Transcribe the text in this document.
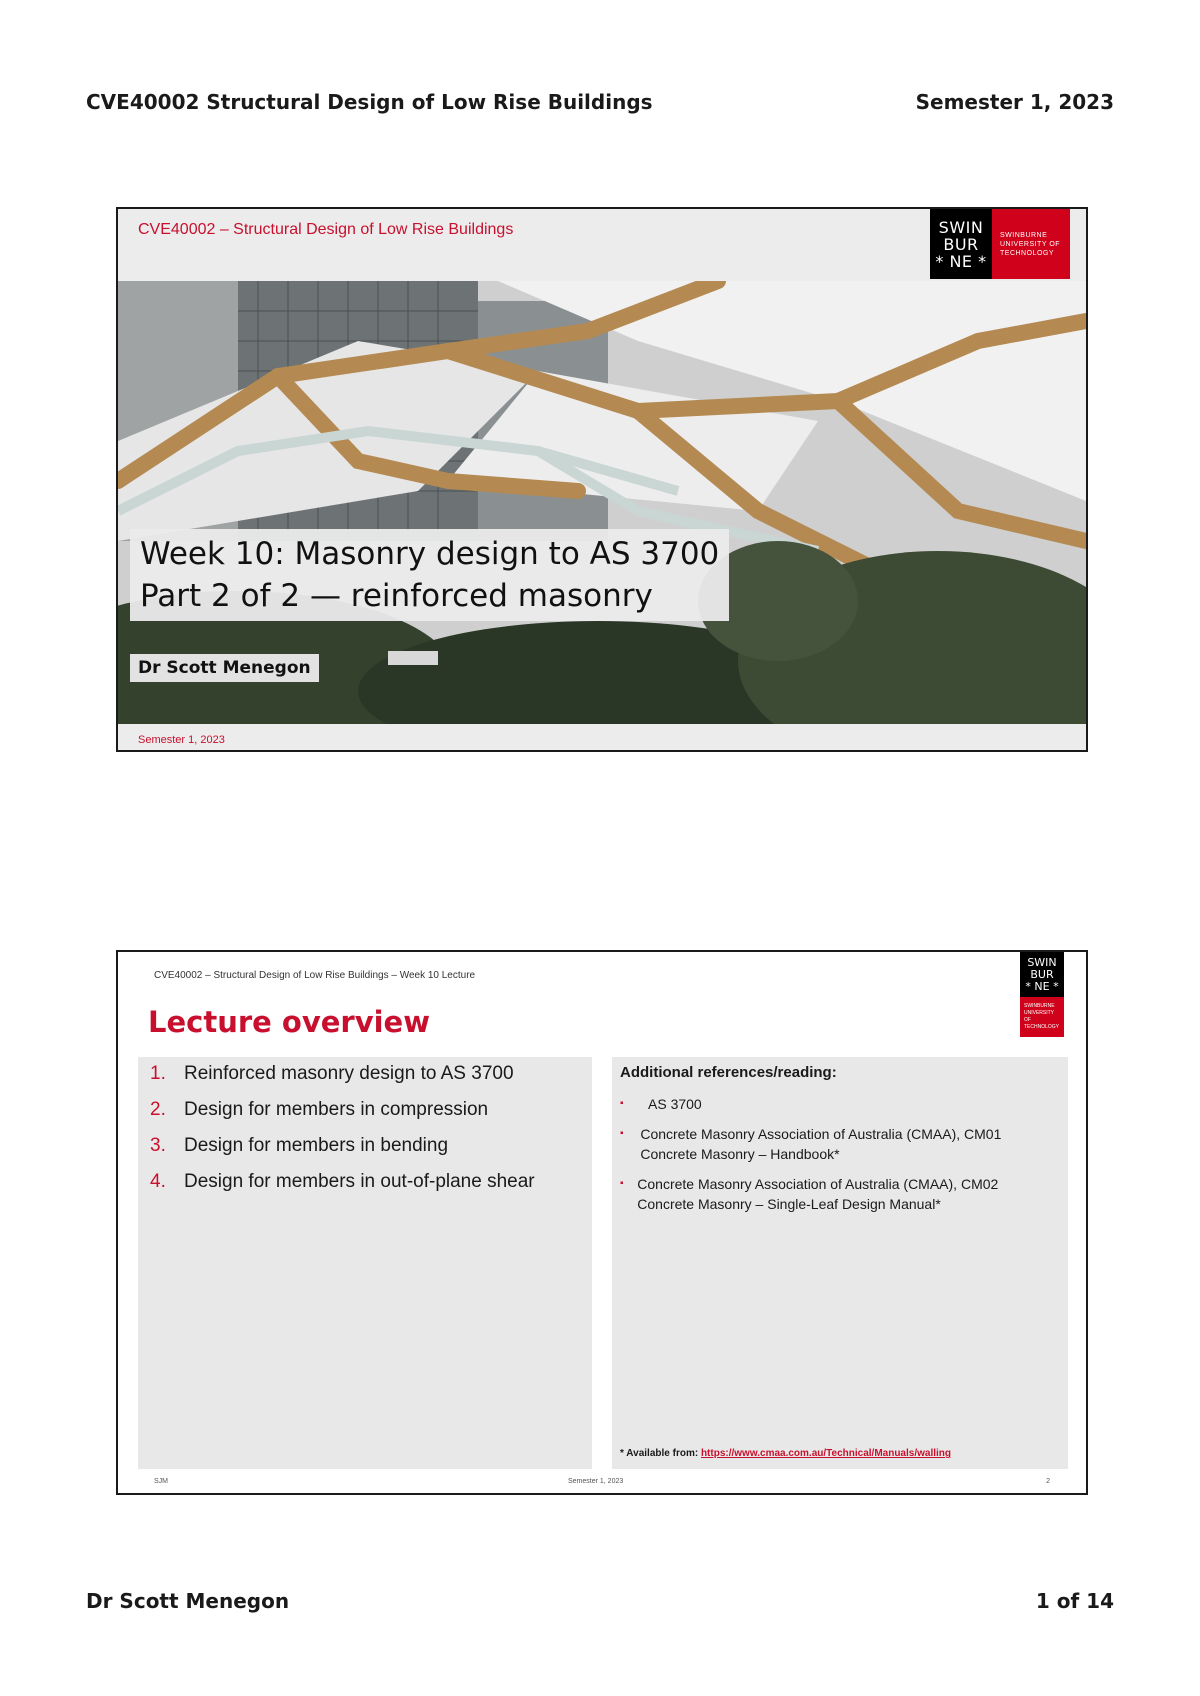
CVE40002 Structural Design of Low Rise Buildings	Semester 1, 2023
CVE40002 – Structural Design of Low Rise Buildings	SWIN
BUR
* NE *
SWINBURNE
UNIVERSITY OF
TECHNOLOGY
Week 10: Masonry design to AS 3700
Part 2 of 2 — reinforced masonry
Dr Scott Menegon
Semester 1, 2023
CVE40002 – Structural Design of Low Rise Buildings – Week 10 Lecture
Lecture overview
SWIN
BUR
* NE *
SWINBURNE
UNIVERSITY OF
TECHNOLOGY
1. Reinforced masonry design to AS 3700
2. Design for members in compression
3. Design for members in bending
4. Design for members in out-of-plane shear
Additional references/reading:
▪	AS 3700
▪	Concrete Masonry Association of Australia (CMAA), CM01 Concrete Masonry – Handbook*
▪ Concrete Masonry Association of Australia (CMAA), CM02 Concrete Masonry – Single-Leaf Design Manual*
* Available from: https://www.cmaa.com.au/Technical/Manuals/walling
SJM	Semester 1, 2023	2
Dr Scott Menegon	1 of 14
